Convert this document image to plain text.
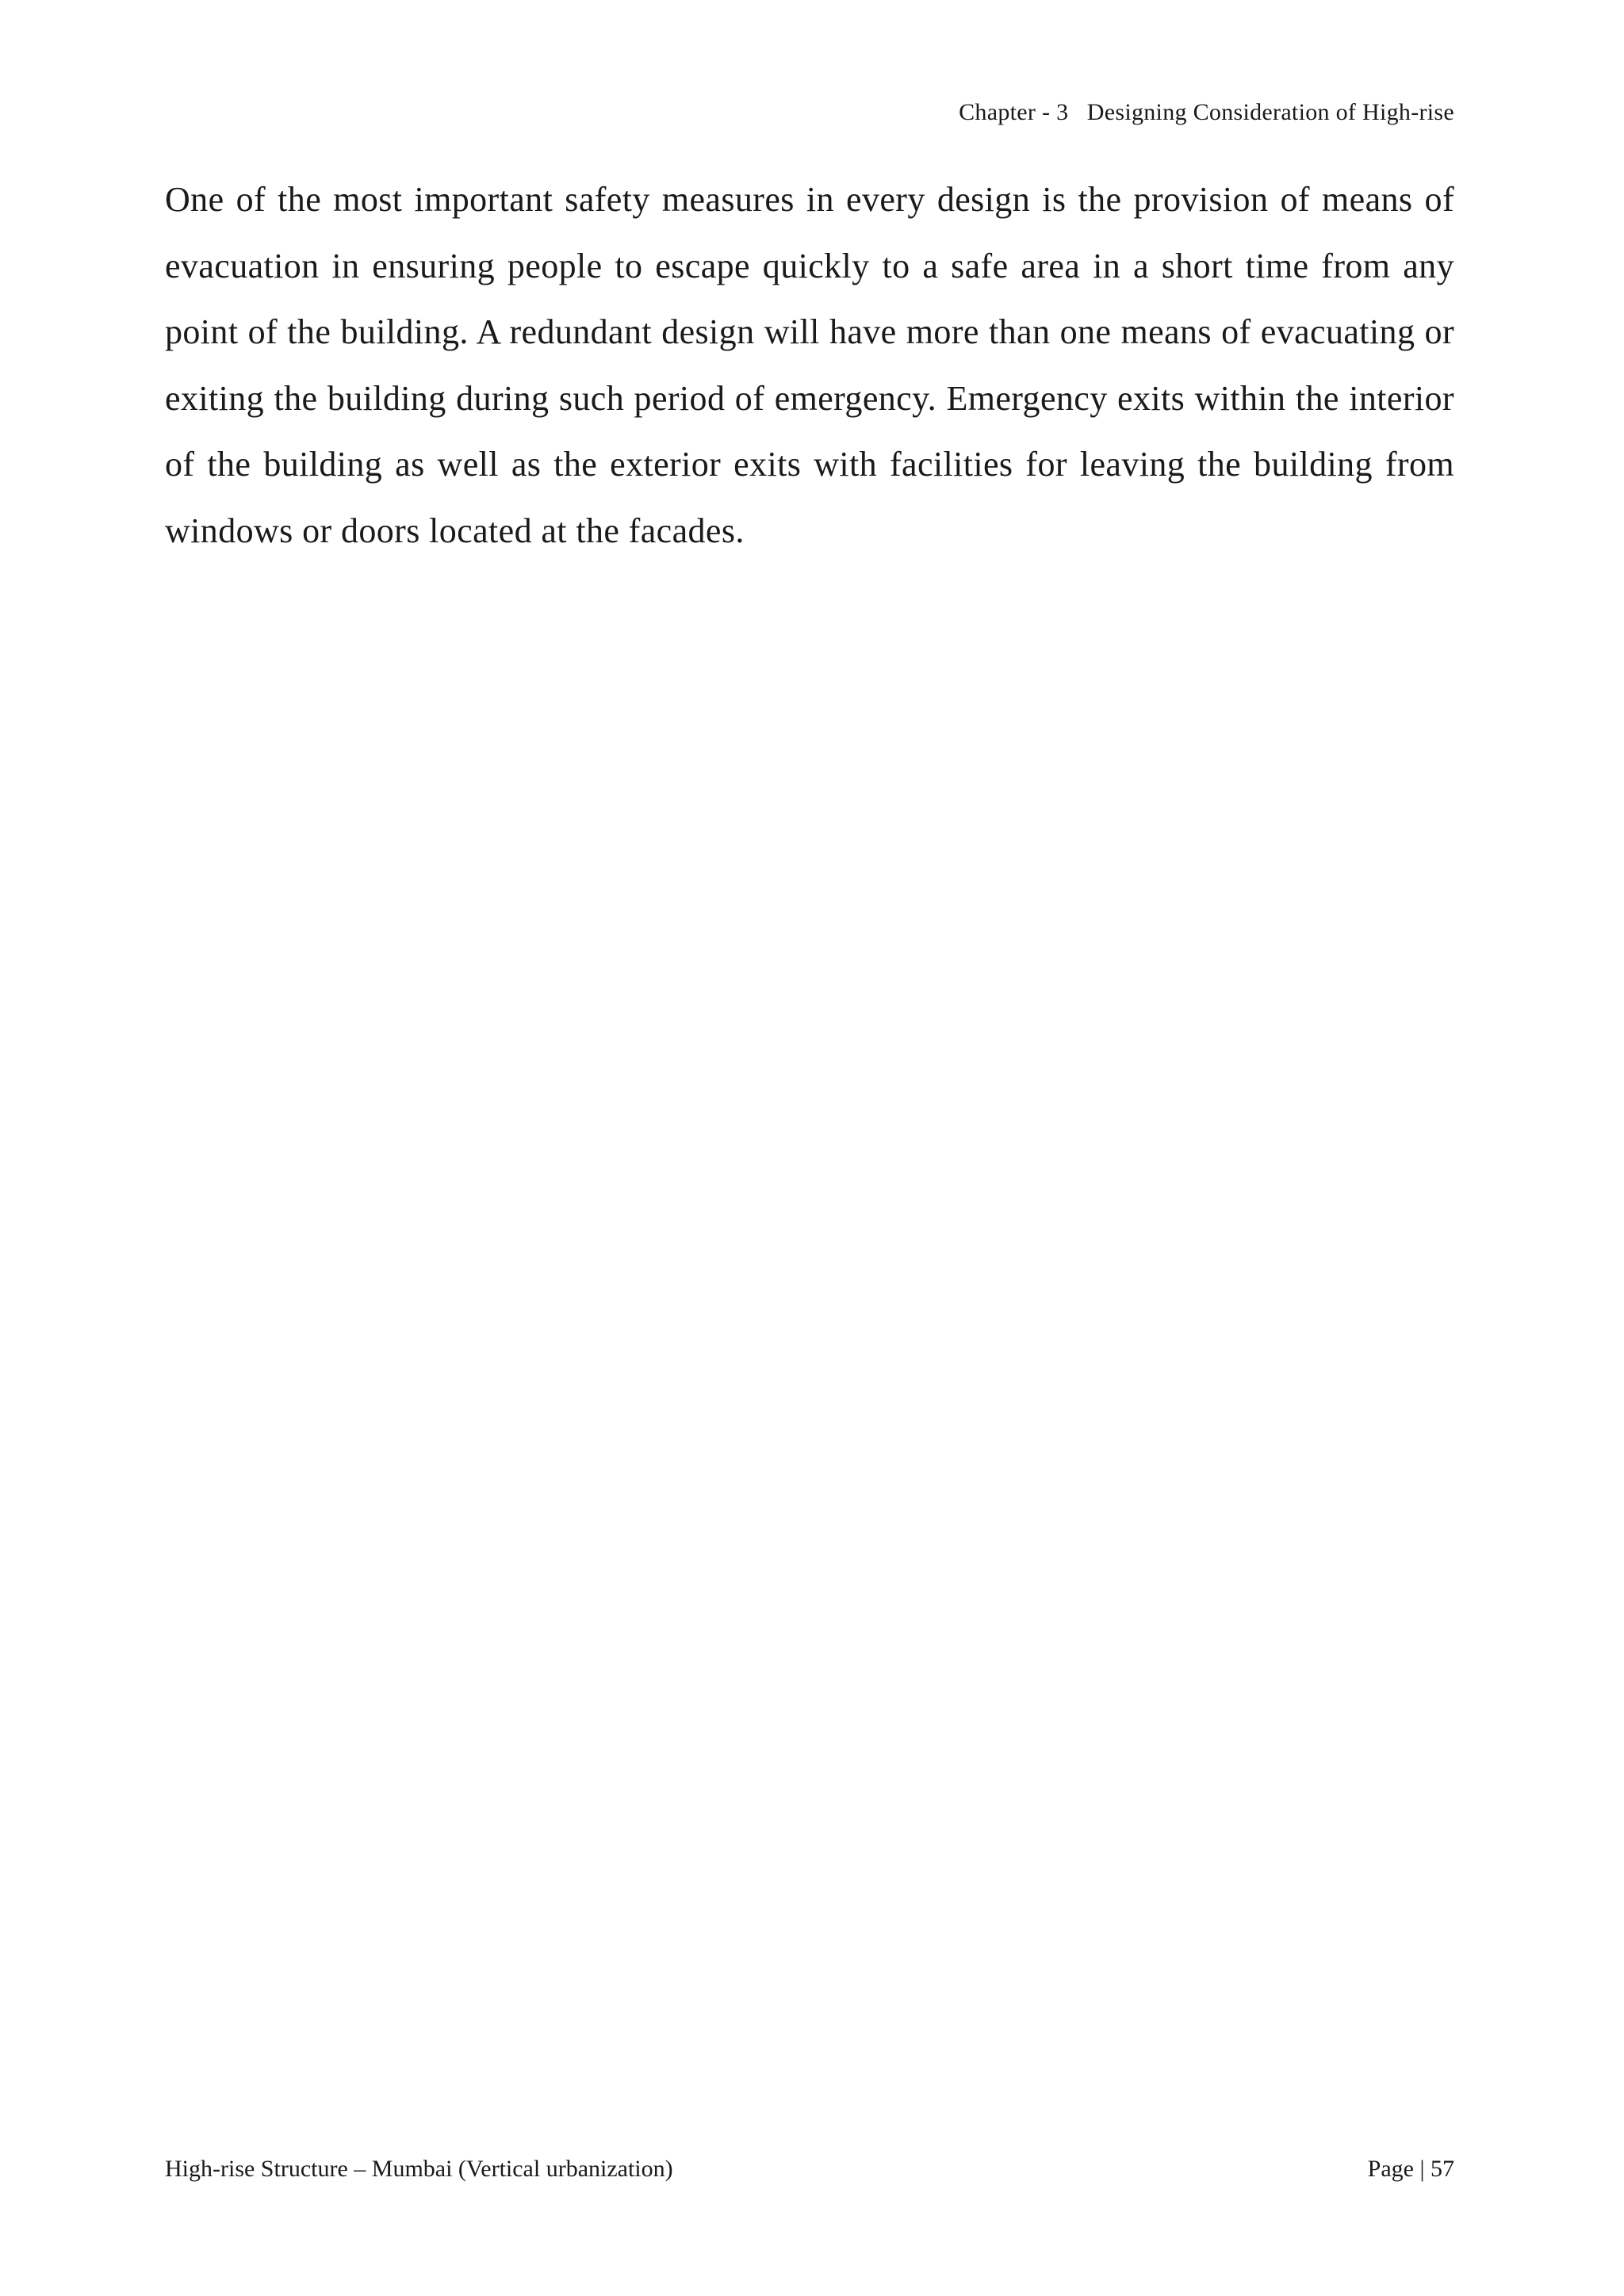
Chapter - 3   Designing Consideration of High-rise

One of the most important safety measures in every design is the provision of means of evacuation in ensuring people to escape quickly to a safe area in a short time from any point of the building. A redundant design will have more than one means of evacuating or exiting the building during such period of emergency. Emergency exits within the interior of the building as well as the exterior exits with facilities for leaving the building from windows or doors located at the facades.

High-rise Structure – Mumbai (Vertical urbanization)	Page | 57
